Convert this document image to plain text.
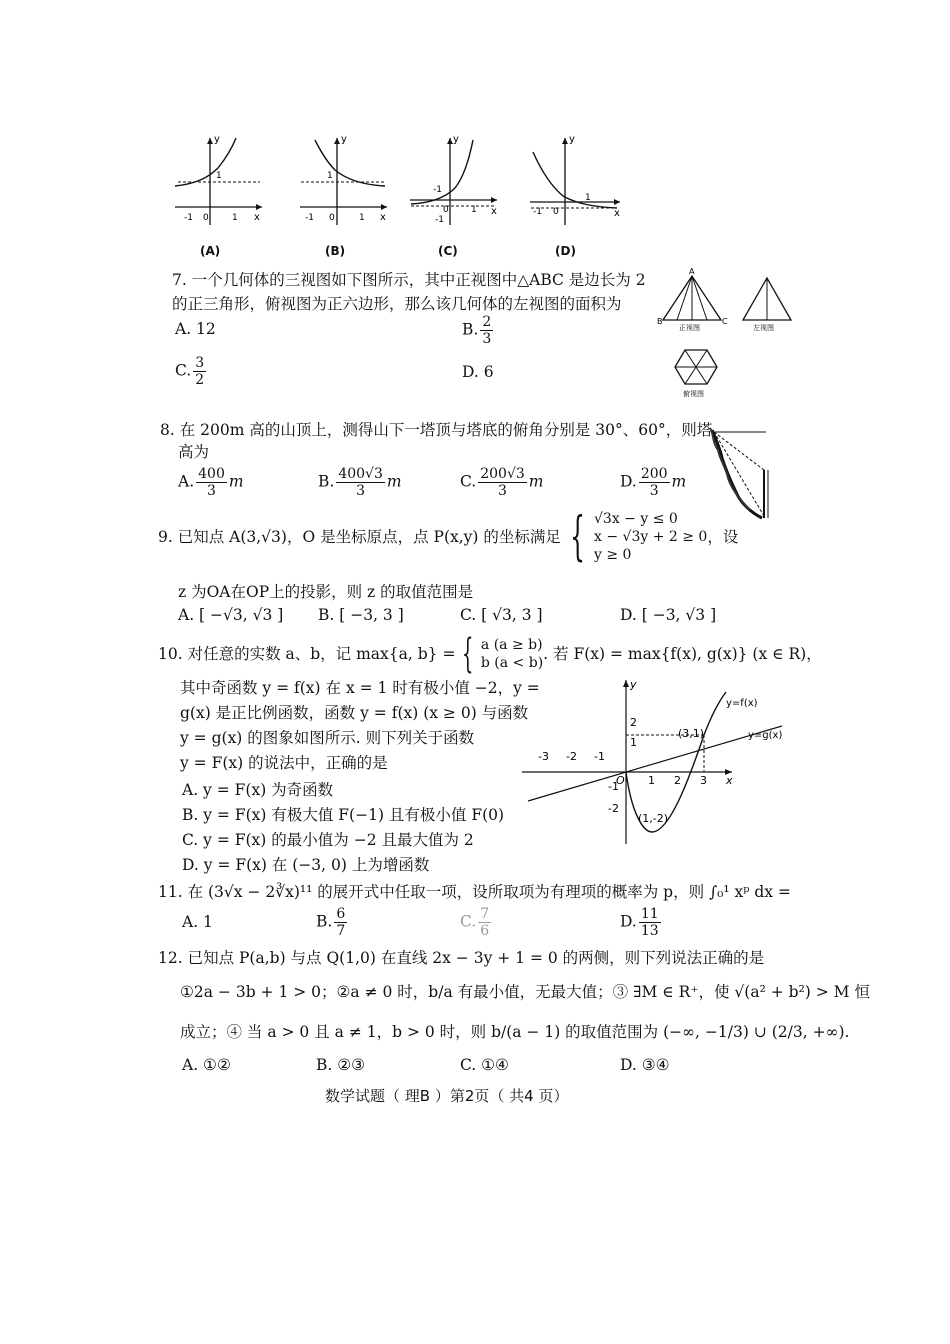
1
y
x
-1 0	1
1
y
x
-1 0	1
-1
y
x
0 1
-1
y
x
-1 0
1
(A)	(B)	(C)	(D)
7. 一个几何体的三视图如下图所示，其中正视图中△ABC 是边长为 2
的正三角形，俯视图为正六边形，那么该几何体的左视图的面积为
A. 12	B. $\frac{2}{3}$
C. $\frac{3}{2}$	D. 6
A
B	C
正视图	左视图
俯视图
8. 在 200m 高的山顶上，测得山下一塔顶与塔底的俯角分别是 30°、60°，则塔
高为
A. $\frac{400}{3}$ m	B. $\frac{400√3}{3}$ m	C. $\frac{200√3}{3}$ m	D. $\frac{200}{3}$ m
9. 已知点 A(3,√3)，O 是坐标原点，点 P(x,y) 的坐标满足 { √3x − y ≤ 0
x − √3y + 2 ≥ 0
y ≥ 0
，设
z 为OA在OP上的投影，则 z 的取值范围是
A. [ −√3, √3 ] B. [ −3, 3 ]	C. [ √3, 3 ]	D. [ −3, √3 ]
10. 对任意的实数 a、b，记 max{a, b} = { a (a ≥ b)
b (a < b) . 若 F(x) = max{f(x), g(x)} (x ∈ R)，
其中奇函数 y = f(x) 在 x = 1 时有极小值 −2，y =
g(x) 是正比例函数，函数 y = f(x) (x ≥ 0) 与函数
y = g(x) 的图象如图所示. 则下列关于函数
y = F(x) 的说法中，正确的是
A. y = F(x) 为奇函数
B. y = F(x) 有极大值 F(−1) 且有极小值 F(0)
C. y = F(x) 的最小值为 −2 且最大值为 2
D. y = F(x) 在 (−3, 0) 上为增函数
y
x
y=f(x)
y=g(x)
(3,1)
(1,-2)
O
-3 -2 -1
1 2 3
2
1
-1
-2
11. 在 (3√x − 2∛x)¹¹ 的展开式中任取一项，设所取项为有理项的概率为 p，则 ∫₀¹ xᵖ dx =
A. 1	B. $\frac{6}{7}$	C. $\frac{7}{6}$	D. $\frac{11}{13}$
12. 已知点 P(a,b) 与点 Q(1,0) 在直线 2x − 3y + 1 = 0 的两侧，则下列说法正确的是
①2a − 3b + 1 > 0；②a ≠ 0 时，b/a 有最小值，无最大值；③ ∃M ∈ R⁺，使 √(a² + b²) > M 恒
成立；④ 当 a > 0 且 a ≠ 1，b > 0 时，则 b/(a − 1) 的取值范围为 (−∞, −1/3) ∪ (2/3, +∞).
A. ①②	B. ②③	C. ①④	D. ③④
数学试题（ 理B ）第2页（ 共4 页）
